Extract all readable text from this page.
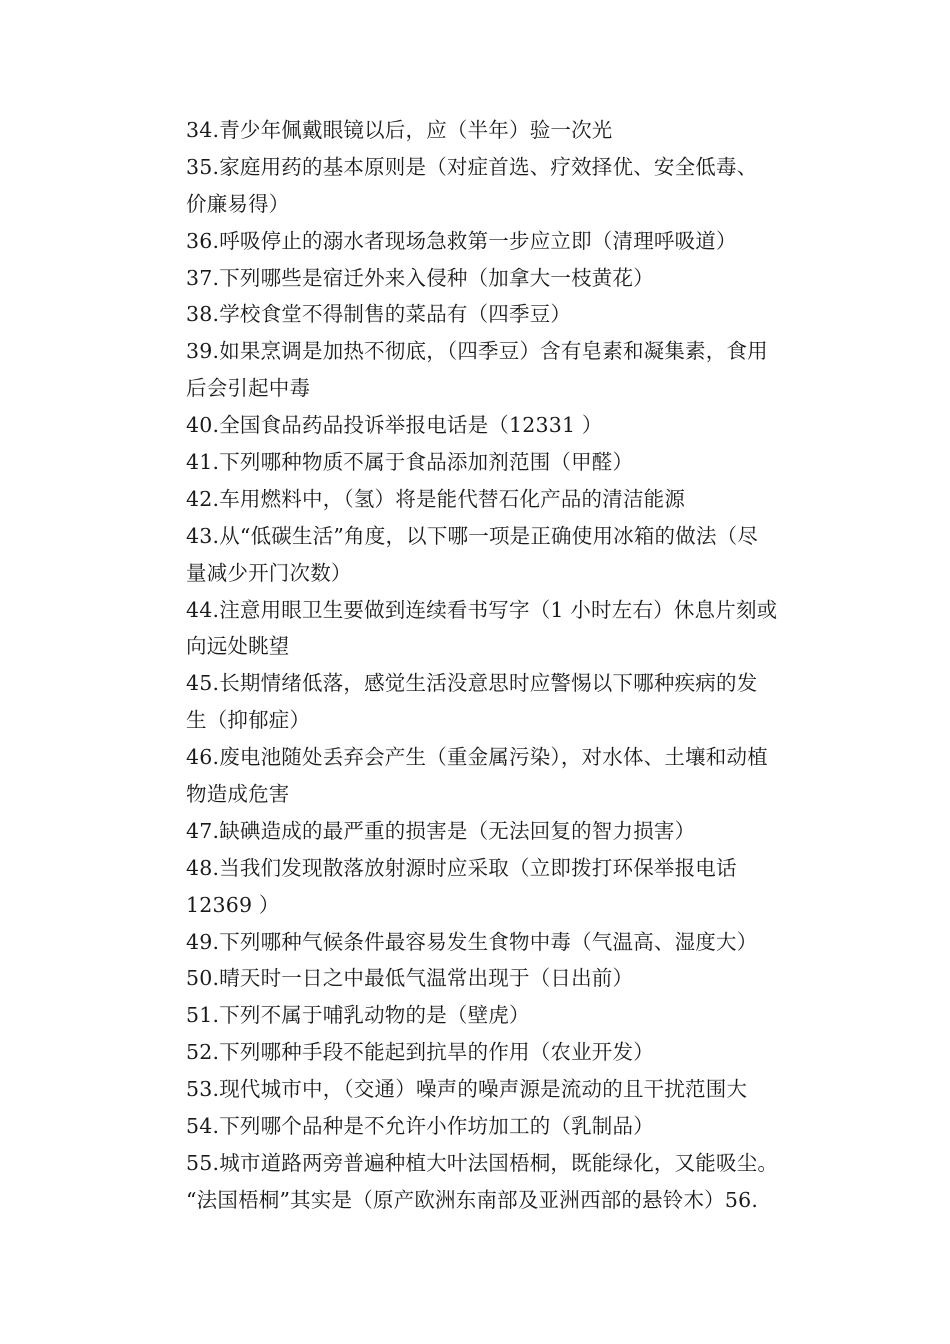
34.青少年佩戴眼镜以后，应（半年）验一次光
35.家庭用药的基本原则是（对症首选、疗效择优、安全低毒、
价廉易得）
36.呼吸停止的溺水者现场急救第一步应立即（清理呼吸道）
37.下列哪些是宿迁外来入侵种（加拿大一枝黄花）
38.学校食堂不得制售的菜品有（四季豆）
39.如果烹调是加热不彻底，（四季豆）含有皂素和凝集素，食用
后会引起中毒
40.全国食品药品投诉举报电话是（12331 ）
41.下列哪种物质不属于食品添加剂范围（甲醛）
42.车用燃料中，（氢）将是能代替石化产品的清洁能源
43.从“低碳生活”角度，以下哪一项是正确使用冰箱的做法（尽
量减少开门次数）
44.注意用眼卫生要做到连续看书写字（1 小时左右）休息片刻或
向远处眺望
45.长期情绪低落，感觉生活没意思时应警惕以下哪种疾病的发
生（抑郁症）
46.废电池随处丢弃会产生（重金属污染），对水体、土壤和动植
物造成危害
47.缺碘造成的最严重的损害是（无法回复的智力损害）
48.当我们发现散落放射源时应采取（立即拨打环保举报电话
12369 ）
49.下列哪种气候条件最容易发生食物中毒（气温高、湿度大）
50.晴天时一日之中最低气温常出现于（日出前）
51.下列不属于哺乳动物的是（壁虎）
52.下列哪种手段不能起到抗旱的作用（农业开发）
53.现代城市中，（交通）噪声的噪声源是流动的且干扰范围大
54.下列哪个品种是不允许小作坊加工的（乳制品）
55.城市道路两旁普遍种植大叶法国梧桐，既能绿化，又能吸尘。
“法国梧桐”其实是（原产欧洲东南部及亚洲西部的悬铃木）56.
